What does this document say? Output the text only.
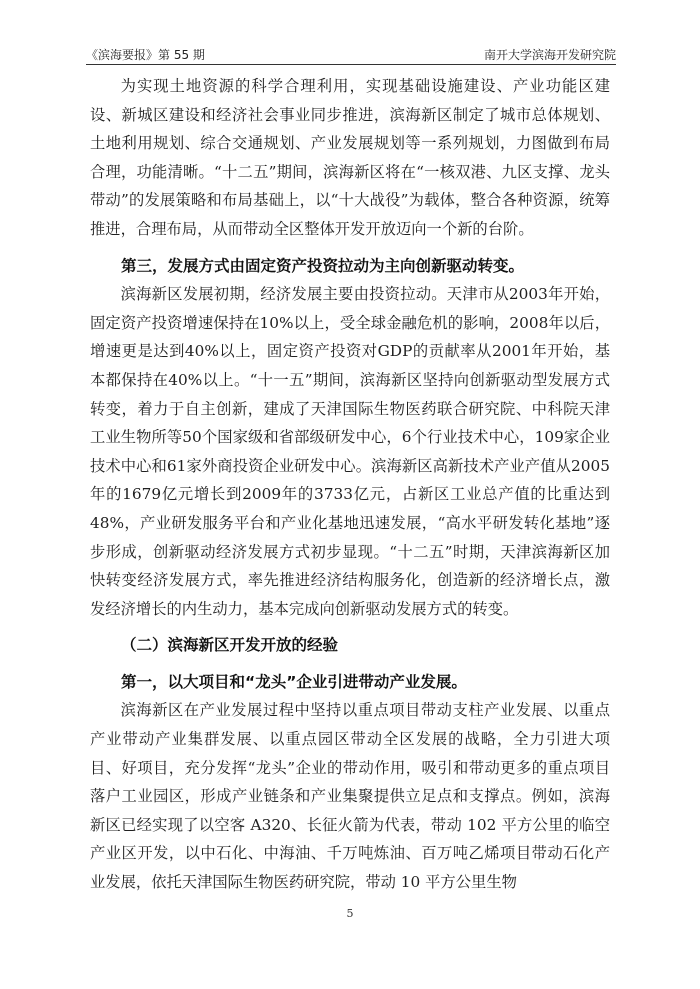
《滨海要报》第 55 期	南开大学滨海开发研究院

为实现土地资源的科学合理利用，实现基础设施建设、产业功能区建设、新城区建设和经济社会事业同步推进，滨海新区制定了城市总体规划、土地利用规划、综合交通规划、产业发展规划等一系列规划，力图做到布局合理，功能清晰。“十二五”期间，滨海新区将在“一核双港、九区支撑、龙头带动”的发展策略和布局基础上，以“十大战役”为载体，整合各种资源，统筹推进，合理布局，从而带动全区整体开发开放迈向一个新的台阶。

第三，发展方式由固定资产投资拉动为主向创新驱动转变。

滨海新区发展初期，经济发展主要由投资拉动。天津市从2003年开始，固定资产投资增速保持在10%以上，受全球金融危机的影响，2008年以后，增速更是达到40%以上，固定资产投资对GDP的贡献率从2001年开始，基本都保持在40%以上。“十一五”期间，滨海新区坚持向创新驱动型发展方式转变，着力于自主创新，建成了天津国际生物医药联合研究院、中科院天津工业生物所等50个国家级和省部级研发中心，6个行业技术中心，109家企业技术中心和61家外商投资企业研发中心。滨海新区高新技术产业产值从2005年的1679亿元增长到2009年的3733亿元，占新区工业总产值的比重达到48%，产业研发服务平台和产业化基地迅速发展，“高水平研发转化基地”逐步形成，创新驱动经济发展方式初步显现。“十二五”时期，天津滨海新区加快转变经济发展方式，率先推进经济结构服务化，创造新的经济增长点，激发经济增长的内生动力，基本完成向创新驱动发展方式的转变。

（二）滨海新区开发开放的经验

第一，以大项目和“龙头”企业引进带动产业发展。

滨海新区在产业发展过程中坚持以重点项目带动支柱产业发展、以重点产业带动产业集群发展、以重点园区带动全区发展的战略，全力引进大项目、好项目，充分发挥“龙头”企业的带动作用，吸引和带动更多的重点项目落户工业园区，形成产业链条和产业集聚提供立足点和支撑点。例如，滨海新区已经实现了以空客 A320、长征火箭为代表，带动 102 平方公里的临空产业区开发，以中石化、中海油、千万吨炼油、百万吨乙烯项目带动石化产业发展，依托天津国际生物医药研究院，带动 10 平方公里生物

5
